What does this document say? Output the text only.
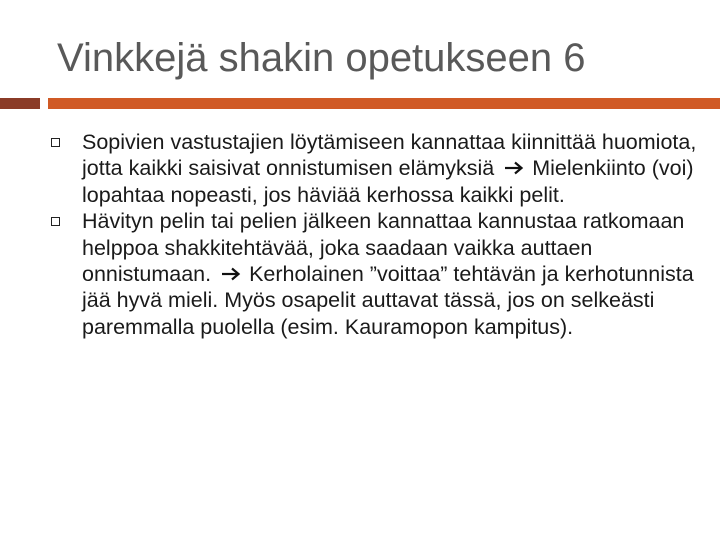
Vinkkejä shakin opetukseen 6
Sopivien vastustajien löytämiseen kannattaa kiinnittää huomiota, jotta kaikki saisivat onnistumisen elämyksiä Mielenkiinto (voi) lopahtaa nopeasti, jos häviää kerhossa kaikki pelit.
Hävityn pelin tai pelien jälkeen kannattaa kannustaa ratkomaan helppoa shakkitehtävää, joka saadaan vaikka auttaen onnistumaan. Kerholainen ”voittaa” tehtävän ja kerhotunnista jää hyvä mieli. Myös osapelit auttavat tässä, jos on selkeästi paremmalla puolella (esim. Kauramopon kampitus).
